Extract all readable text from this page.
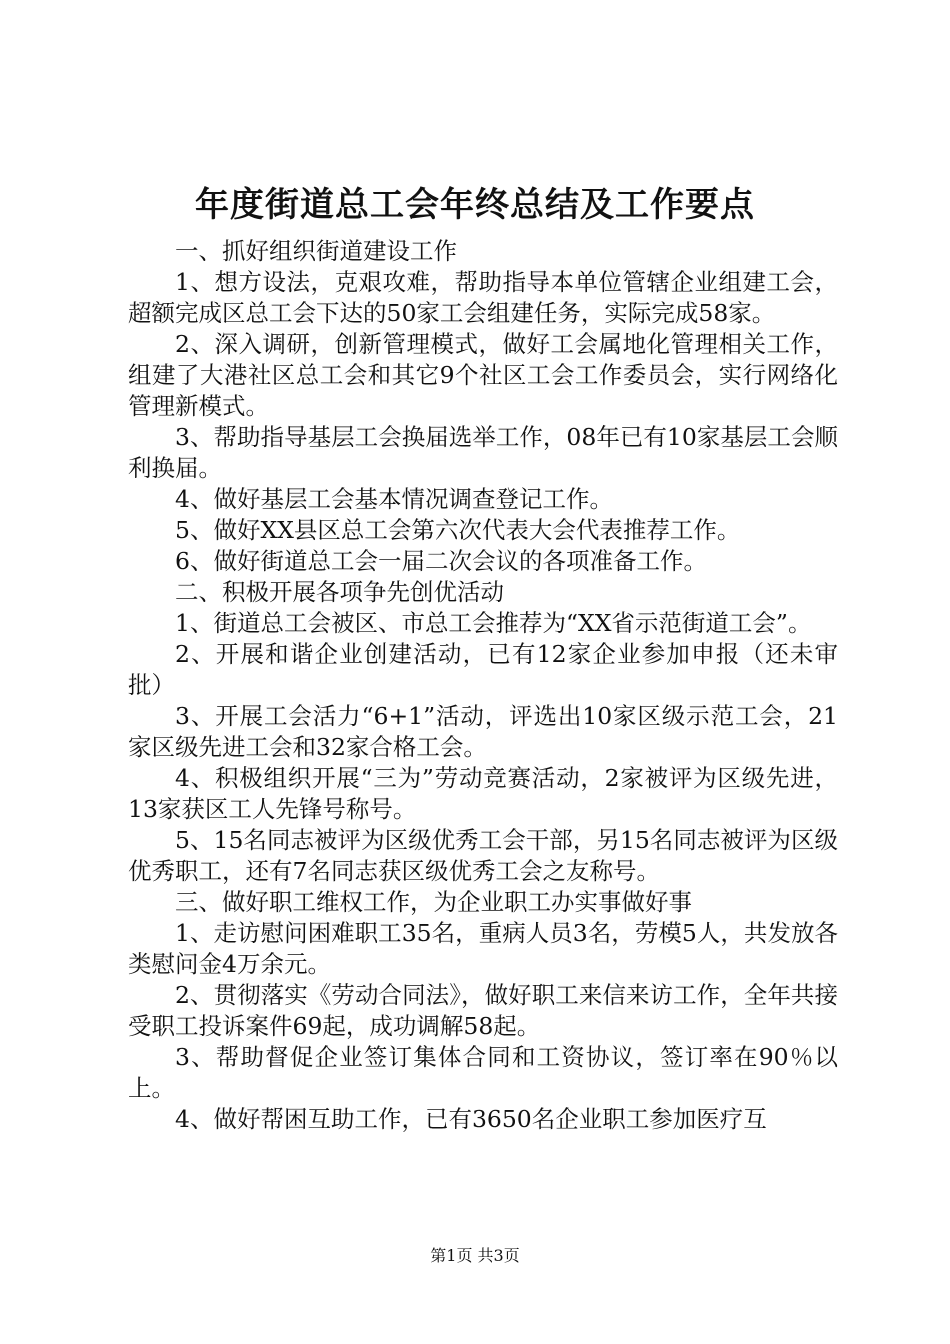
年度街道总工会年终总结及工作要点

一、抓好组织街道建设工作

1、想方设法，克艰攻难，帮助指导本单位管辖企业组建工会，超额完成区总工会下达的50家工会组建任务，实际完成58家。

2、深入调研，创新管理模式，做好工会属地化管理相关工作，组建了大港社区总工会和其它9个社区工会工作委员会，实行网络化管理新模式。

3、帮助指导基层工会换届选举工作，08年已有10家基层工会顺利换届。

4、做好基层工会基本情况调查登记工作。

5、做好XX县区总工会第六次代表大会代表推荐工作。

6、做好街道总工会一届二次会议的各项准备工作。

二、积极开展各项争先创优活动

1、街道总工会被区、市总工会推荐为“XX省示范街道工会”。

2、开展和谐企业创建活动，已有12家企业参加申报（还未审批）

3、开展工会活力“6+1”活动，评选出10家区级示范工会，21家区级先进工会和32家合格工会。

4、积极组织开展“三为”劳动竞赛活动，2家被评为区级先进，13家获区工人先锋号称号。

5、15名同志被评为区级优秀工会干部，另15名同志被评为区级优秀职工，还有7名同志获区级优秀工会之友称号。

三、做好职工维权工作，为企业职工办实事做好事

1、走访慰问困难职工35名，重病人员3名，劳模5人，共发放各类慰问金4万余元。

2、贯彻落实《劳动合同法》，做好职工来信来访工作，全年共接受职工投诉案件69起，成功调解58起。

3、帮助督促企业签订集体合同和工资协议，签订率在90％以上。

4、做好帮困互助工作，已有3650名企业职工参加医疗互

第1页 共3页
